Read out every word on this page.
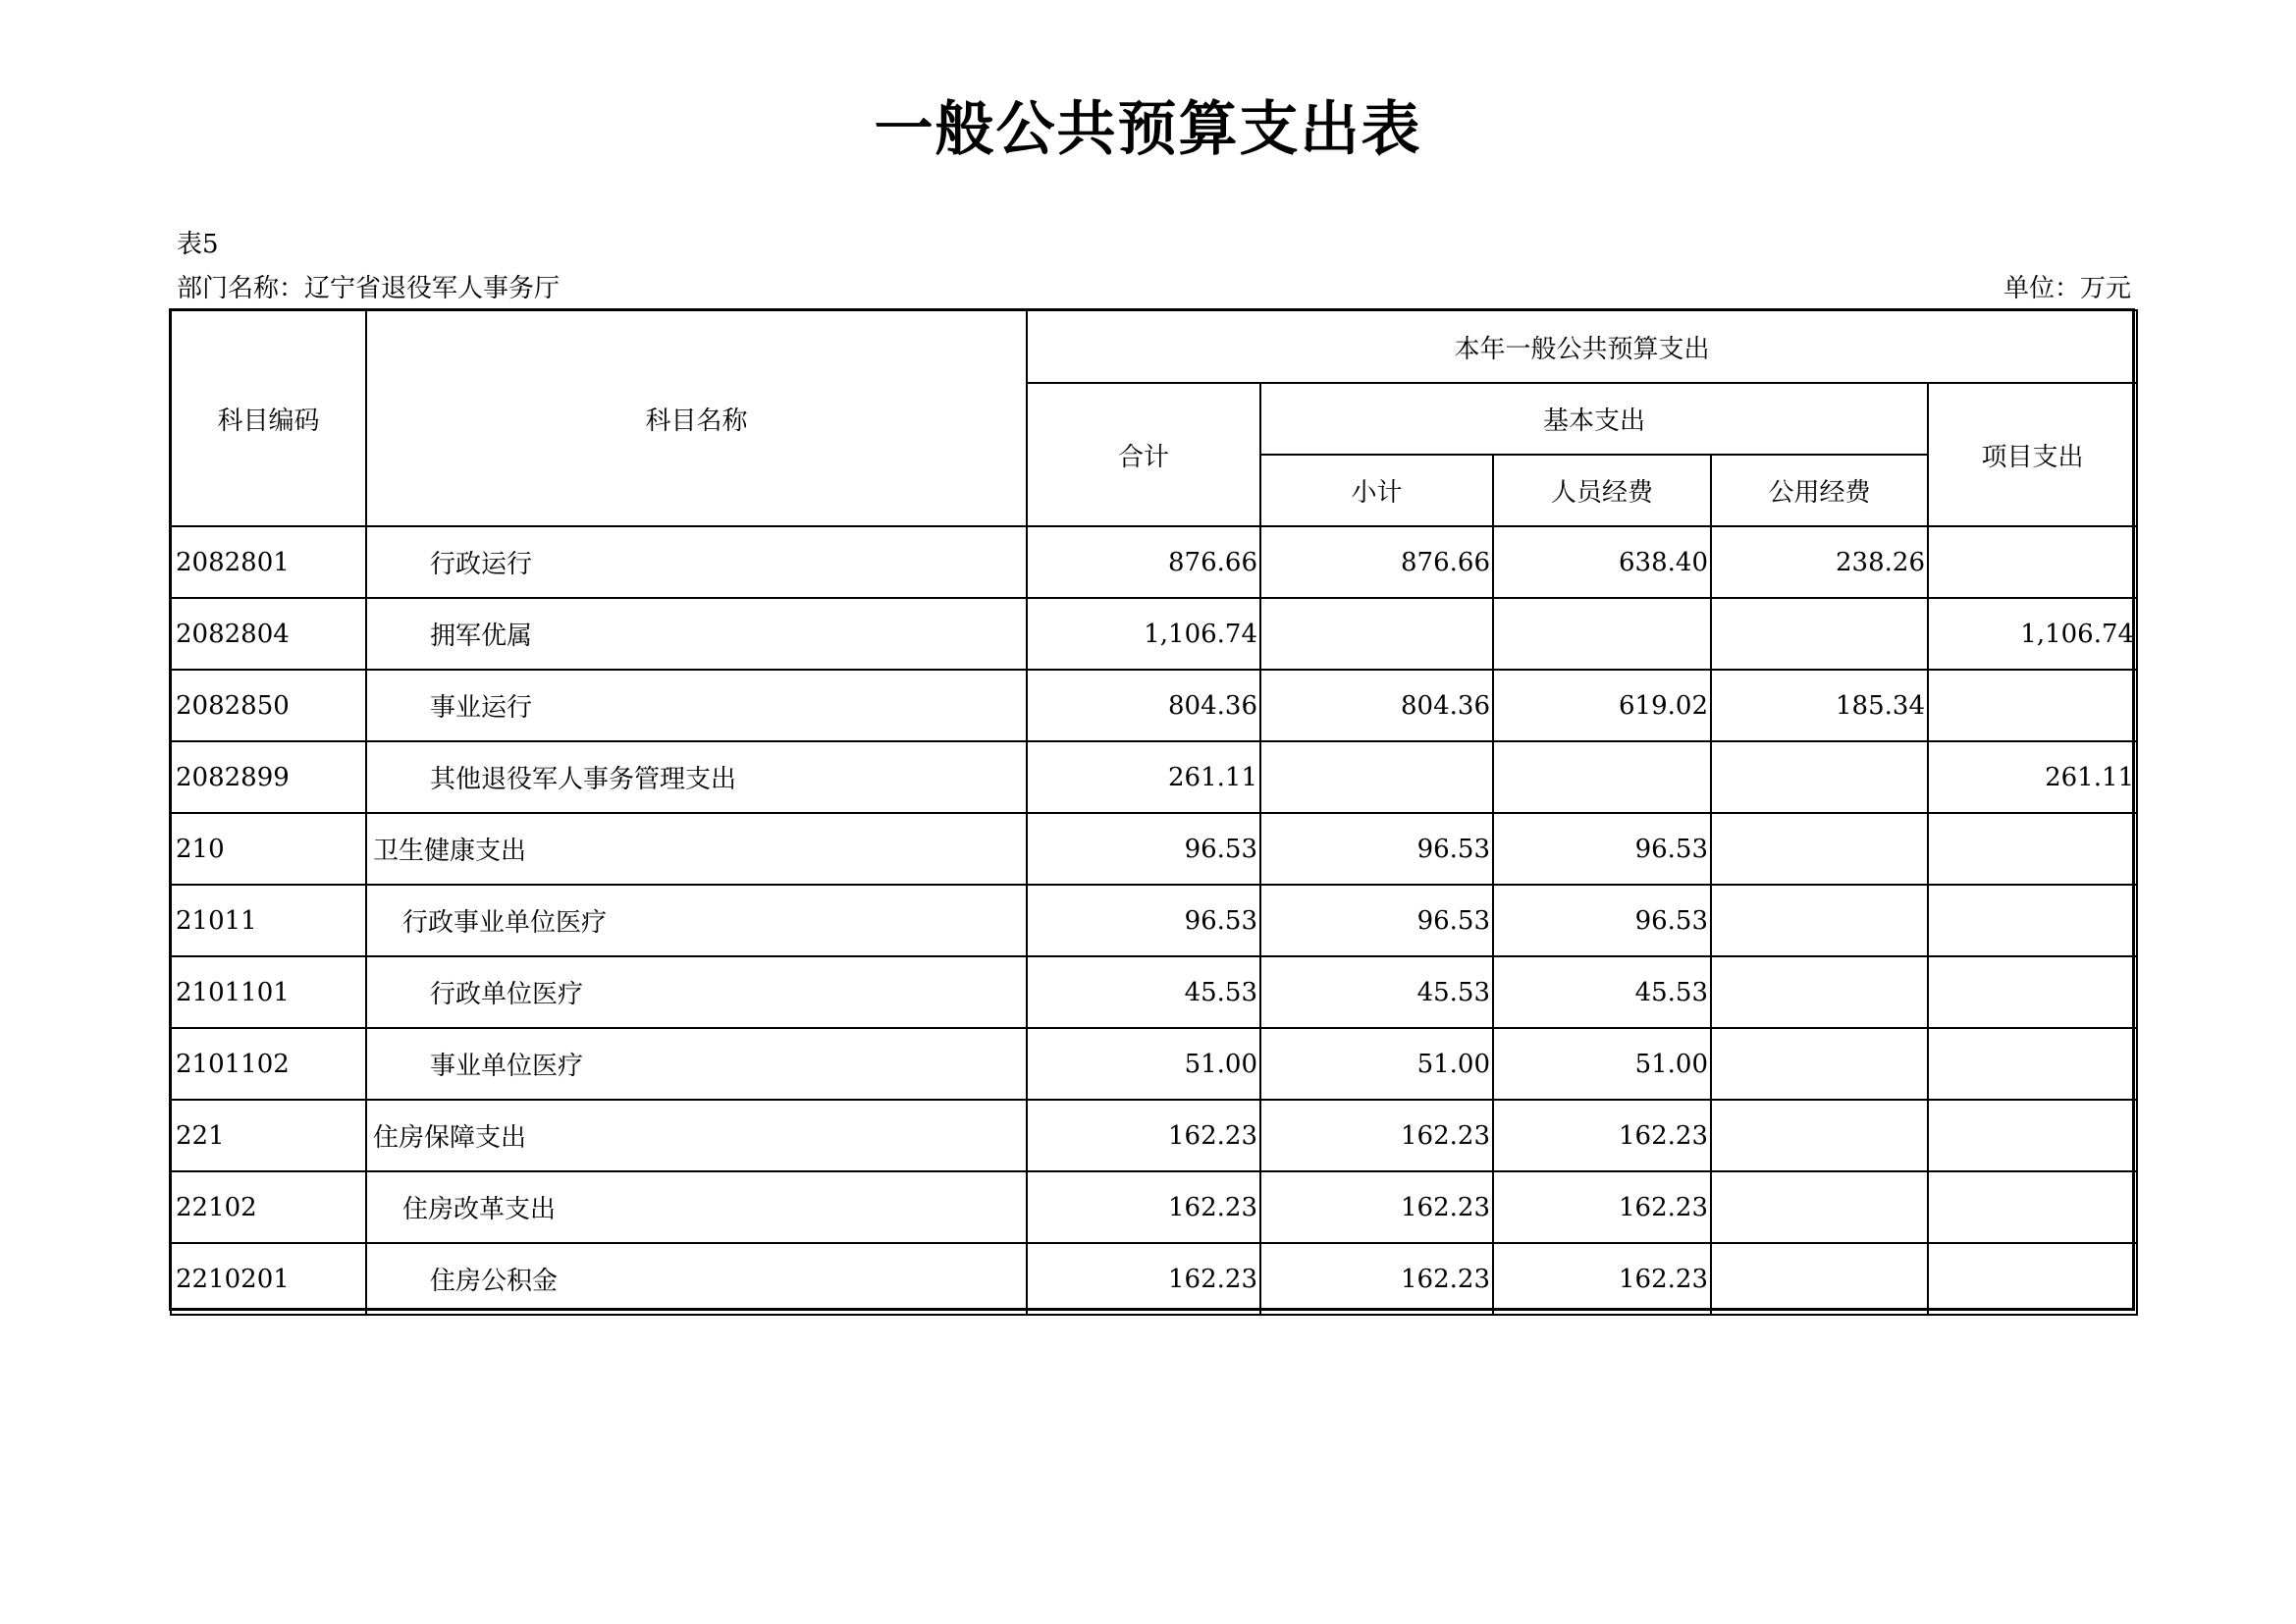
一般公共预算支出表
表5
部门名称：辽宁省退役军人事务厅	单位：万元
科目编码	科目名称	本年一般公共预算支出				
		合计	基本支出			项目支出
			小计	人员经费	公用经费	
2082801	行政运行	876.66	876.66	638.40	238.26	
2082804	拥军优属	1,106.74				1,106.74
2082850	事业运行	804.36	804.36	619.02	185.34	
2082899	其他退役军人事务管理支出	261.11				261.11
210	卫生健康支出	96.53	96.53	96.53		
21011	行政事业单位医疗	96.53	96.53	96.53		
2101101	行政单位医疗	45.53	45.53	45.53		
2101102	事业单位医疗	51.00	51.00	51.00		
221	住房保障支出	162.23	162.23	162.23		
22102	住房改革支出	162.23	162.23	162.23		
2210201	住房公积金	162.23	162.23	162.23		
